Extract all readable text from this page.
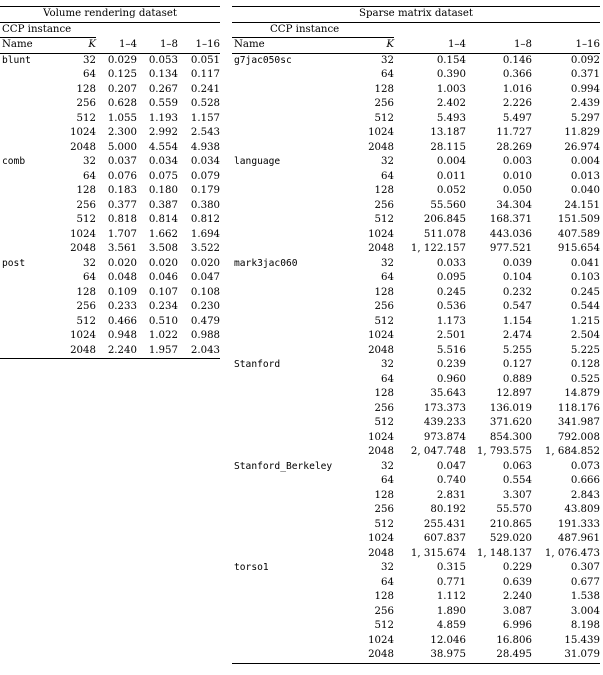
Volume rendering dataset				
CCP instance				
Name	K	1–4	1–8	1–16
blunt	32	0.029	0.053	0.051
	64	0.125	0.134	0.117
	128	0.207	0.267	0.241
	256	0.628	0.559	0.528
	512	1.055	1.193	1.157
	1024	2.300	2.992	2.543
	2048	5.000	4.554	4.938
comb	32	0.037	0.034	0.034
	64	0.076	0.075	0.079
	128	0.183	0.180	0.179
	256	0.377	0.387	0.380
	512	0.818	0.814	0.812
	1024	1.707	1.662	1.694
	2048	3.561	3.508	3.522
post	32	0.020	0.020	0.020
	64	0.048	0.046	0.047
	128	0.109	0.107	0.108
	256	0.233	0.234	0.230
	512	0.466	0.510	0.479
	1024	0.948	1.022	0.988
	2048	2.240	1.957	2.043
Sparse matrix dataset				
CCP instance				
Name	K	1–4	1–8	1–16
g7jac050sc	32	0.154	0.146	0.092
	64	0.390	0.366	0.371
	128	1.003	1.016	0.994
	256	2.402	2.226	2.439
	512	5.493	5.497	5.297
	1024	13.187	11.727	11.829
	2048	28.115	28.269	26.974
language	32	0.004	0.003	0.004
	64	0.011	0.010	0.013
	128	0.052	0.050	0.040
	256	55.560	34.304	24.151
	512	206.845	168.371	151.509
	1024	511.078	443.036	407.589
	2048	1, 122.157	977.521	915.654
mark3jac060	32	0.033	0.039	0.041
	64	0.095	0.104	0.103
	128	0.245	0.232	0.245
	256	0.536	0.547	0.544
	512	1.173	1.154	1.215
	1024	2.501	2.474	2.504
	2048	5.516	5.255	5.225
Stanford	32	0.239	0.127	0.128
	64	0.960	0.889	0.525
	128	35.643	12.897	14.879
	256	173.373	136.019	118.176
	512	439.233	371.620	341.987
	1024	973.874	854.300	792.008
	2048	2, 047.748	1, 793.575	1, 684.852
Stanford_Berkeley	32	0.047	0.063	0.073
	64	0.740	0.554	0.666
	128	2.831	3.307	2.843
	256	80.192	55.570	43.809
	512	255.431	210.865	191.333
	1024	607.837	529.020	487.961
	2048	1, 315.674	1, 148.137	1, 076.473
torso1	32	0.315	0.229	0.307
	64	0.771	0.639	0.677
	128	1.112	2.240	1.538
	256	1.890	3.087	3.004
	512	4.859	6.996	8.198
	1024	12.046	16.806	15.439
	2048	38.975	28.495	31.079
